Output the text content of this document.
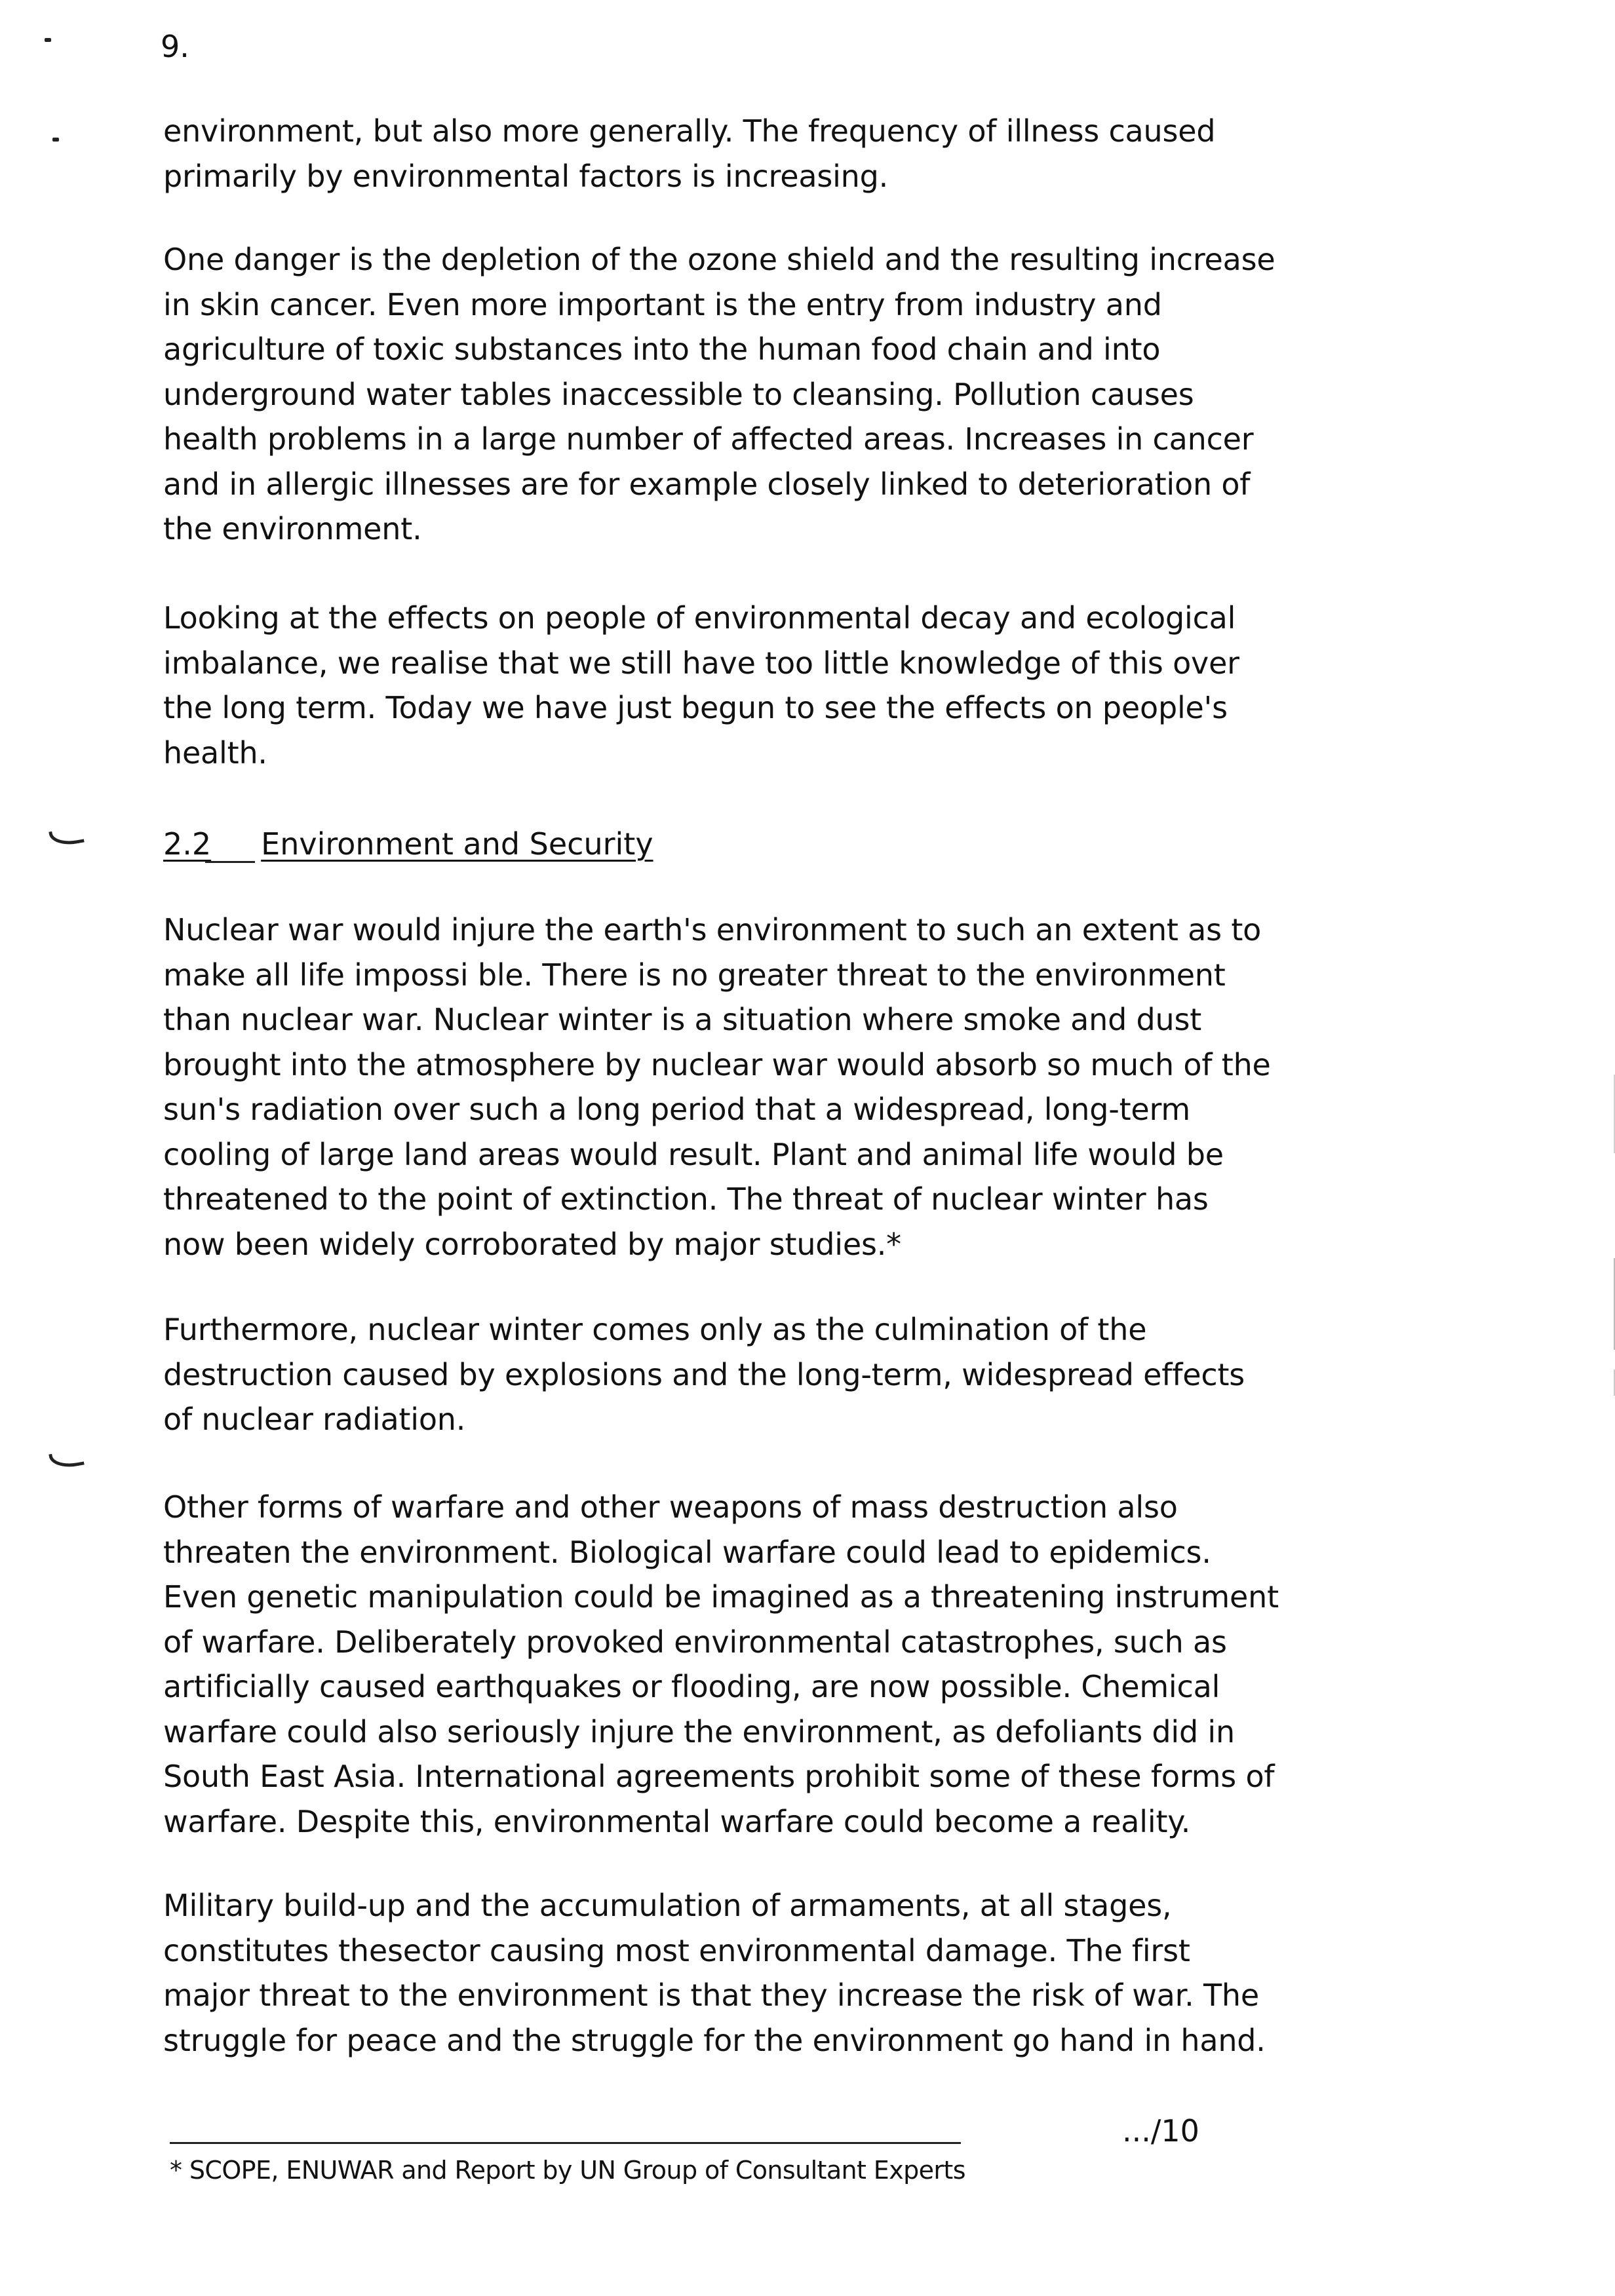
9.
environment, but also more generally. The frequency of illness caused
primarily by environmental factors is increasing.
One danger is the depletion of the ozone shield and the resulting increase
in skin cancer. Even more important is the entry from industry and
agriculture of toxic substances into the human food chain and into
underground water tables inaccessible to cleansing. Pollution causes
health problems in a large number of affected areas. Increases in cancer
and in allergic illnesses are for example closely linked to deterioration of
the environment.
Looking at the effects on people of environmental decay and ecological
imbalance, we realise that we still have too little knowledge of this over
the long term. Today we have just begun to see the effects on people's
health.
2.2 Environment and Security
Nuclear war would injure the earth's environment to such an extent as to
make all life impossi ble. There is no greater threat to the environment
than nuclear war. Nuclear winter is a situation where smoke and dust
brought into the atmosphere by nuclear war would absorb so much of the
sun's radiation over such a long period that a widespread, long-term
cooling of large land areas would result. Plant and animal life would be
threatened to the point of extinction. The threat of nuclear winter has
now been widely corroborated by major studies.*
Furthermore, nuclear winter comes only as the culmination of the
destruction caused by explosions and the long-term, widespread effects
of nuclear radiation.
Other forms of warfare and other weapons of mass destruction also
threaten the environment. Biological warfare could lead to epidemics.
Even genetic manipulation could be imagined as a threatening instrument
of warfare. Deliberately provoked environmental catastrophes, such as
artificially caused earthquakes or flooding, are now possible. Chemical
warfare could also seriously injure the environment, as defoliants did in
South East Asia. International agreements prohibit some of these forms of
warfare. Despite this, environmental warfare could become a reality.
Military build-up and the accumulation of armaments, at all stages,
constitutes thesector causing most environmental damage. The first
major threat to the environment is that they increase the risk of war. The
struggle for peace and the struggle for the environment go hand in hand.
.../10
* SCOPE, ENUWAR and Report by UN Group of Consultant Experts
